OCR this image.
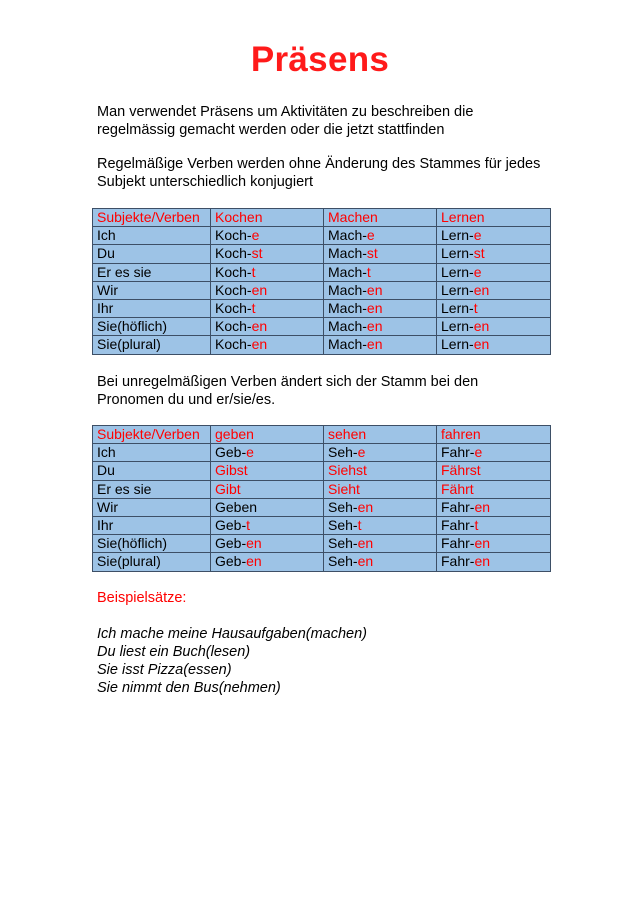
Präsens
Man verwendet Präsens um Aktivitäten zu beschreiben die
regelmässig gemacht werden oder die jetzt stattfinden
Regelmäßige Verben werden ohne Änderung des Stammes für jedes
Subjekt unterschiedlich konjugiert
Subjekte/Verben	Kochen	Machen	Lernen
Ich	Koch-e	Mach-e	Lern-e
Du	Koch-st	Mach-st	Lern-st
Er es sie	Koch-t	Mach-t	Lern-e
Wir	Koch-en	Mach-en	Lern-en
Ihr	Koch-t	Mach-en	Lern-t
Sie(höflich)	Koch-en	Mach-en	Lern-en
Sie(plural)	Koch-en	Mach-en	Lern-en
Bei unregelmäßigen Verben ändert sich der Stamm bei den
Pronomen du und er/sie/es.
Subjekte/Verben	geben	sehen	fahren
Ich	Geb-e	Seh-e	Fahr-e
Du	Gibst	Siehst	Fährst
Er es sie	Gibt	Sieht	Fährt
Wir	Geben	Seh-en	Fahr-en
Ihr	Geb-t	Seh-t	Fahr-t
Sie(höflich)	Geb-en	Seh-en	Fahr-en
Sie(plural)	Geb-en	Seh-en	Fahr-en
Beispielsätze:
Ich mache meine Hausaufgaben(machen)
Du liest ein Buch(lesen)
Sie isst Pizza(essen)
Sie nimmt den Bus(nehmen)
